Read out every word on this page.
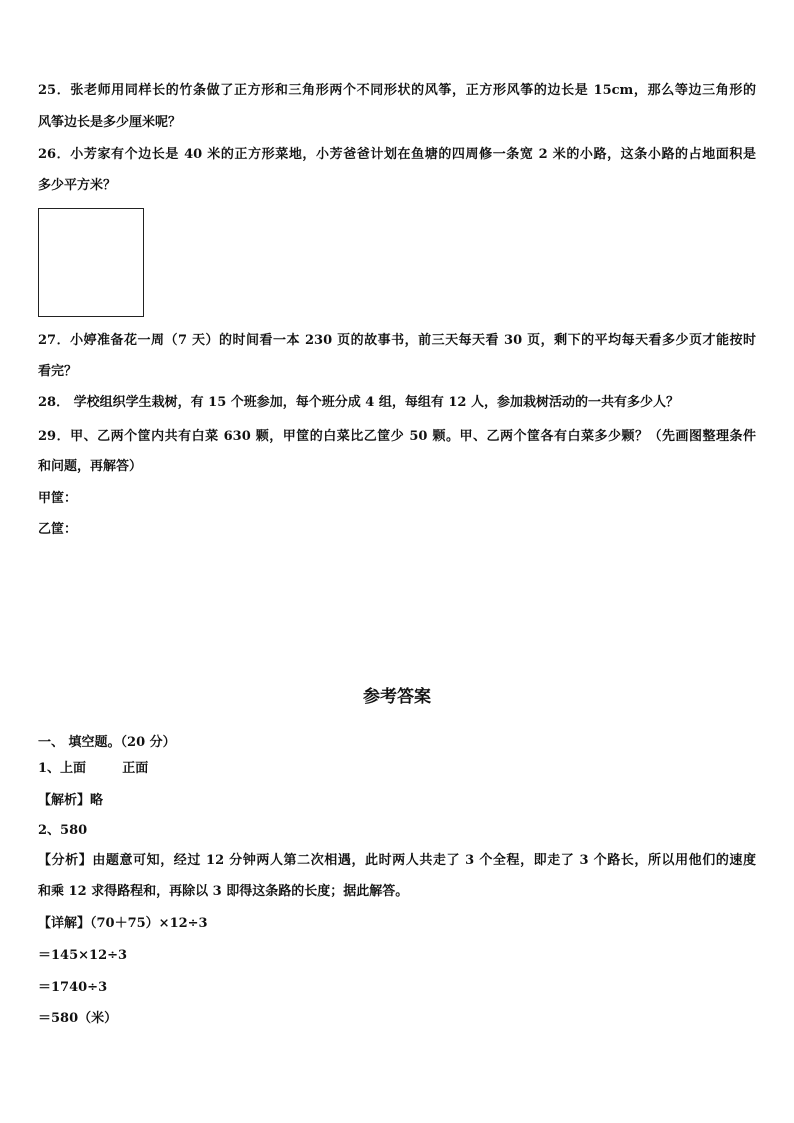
25．张老师用同样长的竹条做了正方形和三角形两个不同形状的风筝，正方形风筝的边长是 15cm，那么等边三角形的
风筝边长是多少厘米呢？
26．小芳家有个边长是 40 米的正方形菜地，小芳爸爸计划在鱼塘的四周修一条宽 2 米的小路，这条小路的占地面积是
多少平方米？
27．小婷准备花一周（7 天）的时间看一本 230 页的故事书，前三天每天看 30 页，剩下的平均每天看多少页才能按时
看完？
28． 学校组织学生栽树，有 15 个班参加，每个班分成 4 组，每组有 12 人，参加栽树活动的一共有多少人？
29．甲、乙两个筐内共有白菜 630 颗，甲筐的白菜比乙筐少 50 颗。甲、乙两个筐各有白菜多少颗？（先画图整理条件
和问题，再解答）
甲筐：
乙筐：
参考答案
一、 填空题。（20 分）
1、上面        正面
【解析】略
2、580
【分析】由题意可知，经过 12 分钟两人第二次相遇，此时两人共走了 3 个全程，即走了 3 个路长，所以用他们的速度
和乘 12 求得路程和，再除以 3 即得这条路的长度；据此解答。
【详解】（70＋75）×12÷3
＝145×12÷3
＝1740÷3
＝580（米）
